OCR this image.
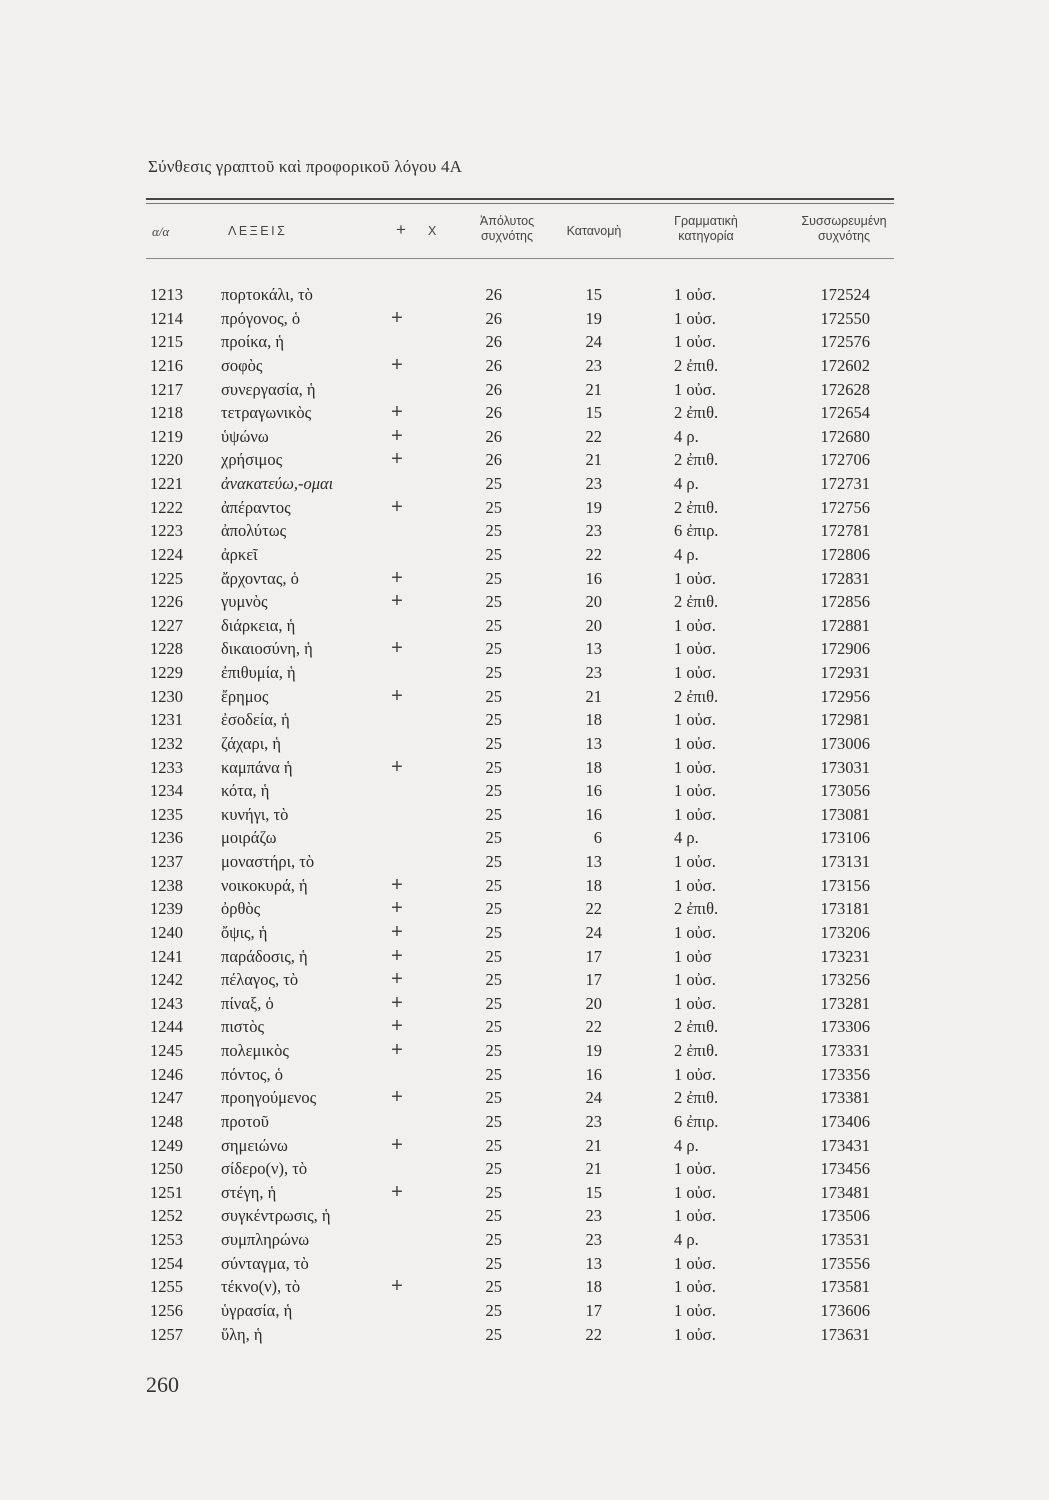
Σύνθεσις γραπτοῦ καὶ προφορικοῦ λόγου 4Α
α/α	ΛΕΞΕΙΣ	+ Χ
Ἀπόλυτος
συχνότης	Κατανομὴ
Γραμματικὴ
κατηγορία
Συσσωρευμένη
συχνότης
1213 πορτοκάλι, τὸ	26	15	1 οὐσ.	172524
1214 πρόγονος, ὁ	+	26	19	1 οὐσ.	172550
1215 προίκα, ἡ	26	24	1 οὐσ.	172576
1216 σοφὸς	+	26	23	2 ἐπιθ.	172602
1217 συνεργασία, ἡ	26	21	1 οὐσ.	172628
1218 τετραγωνικὸς	+	26	15	2 ἐπιθ.	172654
1219 ὑψώνω	+	26	22	4 ρ.	172680
1220 χρήσιμος	+	26	21	2 ἐπιθ.	172706
1221 ἀνακατεύω,-ομαι	25	23	4 ρ.	172731
1222 ἀπέραντος	+	25	19	2 ἐπιθ.	172756
1223 ἀπολύτως	25	23	6 ἐπιρ.	172781
1224 ἀρκεῖ	25	22	4 ρ.	172806
1225 ἄρχοντας, ὁ	+	25	16	1 οὐσ.	172831
1226 γυμνὸς	+	25	20	2 ἐπιθ.	172856
1227 διάρκεια, ἡ	25	20	1 οὐσ.	172881
1228 δικαιοσύνη, ἡ	+	25	13	1 οὐσ.	172906
1229 ἐπιθυμία, ἡ	25	23	1 οὐσ.	172931
1230 ἔρημος	+	25	21	2 ἐπιθ.	172956
1231 ἐσοδεία, ἡ	25	18	1 οὐσ.	172981
1232 ζάχαρι, ἡ	25	13	1 οὐσ.	173006
1233 καμπάνα ἡ	+	25	18	1 οὐσ.	173031
1234 κότα, ἡ	25	16	1 οὐσ.	173056
1235 κυνήγι, τὸ	25	16	1 οὐσ.	173081
1236 μοιράζω	25	6	4 ρ.	173106
1237 μοναστήρι, τὸ	25	13	1 οὐσ.	173131
1238 νοικοκυρά, ἡ	+	25	18	1 οὐσ.	173156
1239 ὀρθὸς	+	25	22	2 ἐπιθ.	173181
1240 ὄψις, ἡ	+	25	24	1 οὐσ.	173206
1241 παράδοσις, ἡ	+	25	17	1 οὐσ	173231
1242 πέλαγος, τὸ	+	25	17	1 οὐσ.	173256
1243 πίναξ, ὁ	+	25	20	1 οὐσ.	173281
1244 πιστὸς	+	25	22	2 ἐπιθ.	173306
1245 πολεμικὸς	+	25	19	2 ἐπιθ.	173331
1246 πόντος, ὁ	25	16	1 οὐσ.	173356
1247 προηγούμενος	+	25	24	2 ἐπιθ.	173381
1248 προτοῦ	25	23	6 ἐπιρ.	173406
1249 σημειώνω	+	25	21	4 ρ.	173431
1250 σίδερο(ν), τὸ	25	21	1 οὐσ.	173456
1251 στέγη, ἡ	+	25	15	1 οὐσ.	173481
1252 συγκέντρωσις, ἡ	25	23	1 οὐσ.	173506
1253 συμπληρώνω	25	23	4 ρ.	173531
1254 σύνταγμα, τὸ	25	13	1 οὐσ.	173556
1255 τέκνο(ν), τὸ	+	25	18	1 οὐσ.	173581
1256 ὑγρασία, ἡ	25	17	1 οὐσ.	173606
1257 ὕλη, ἡ	25	22	1 οὐσ.	173631
260
